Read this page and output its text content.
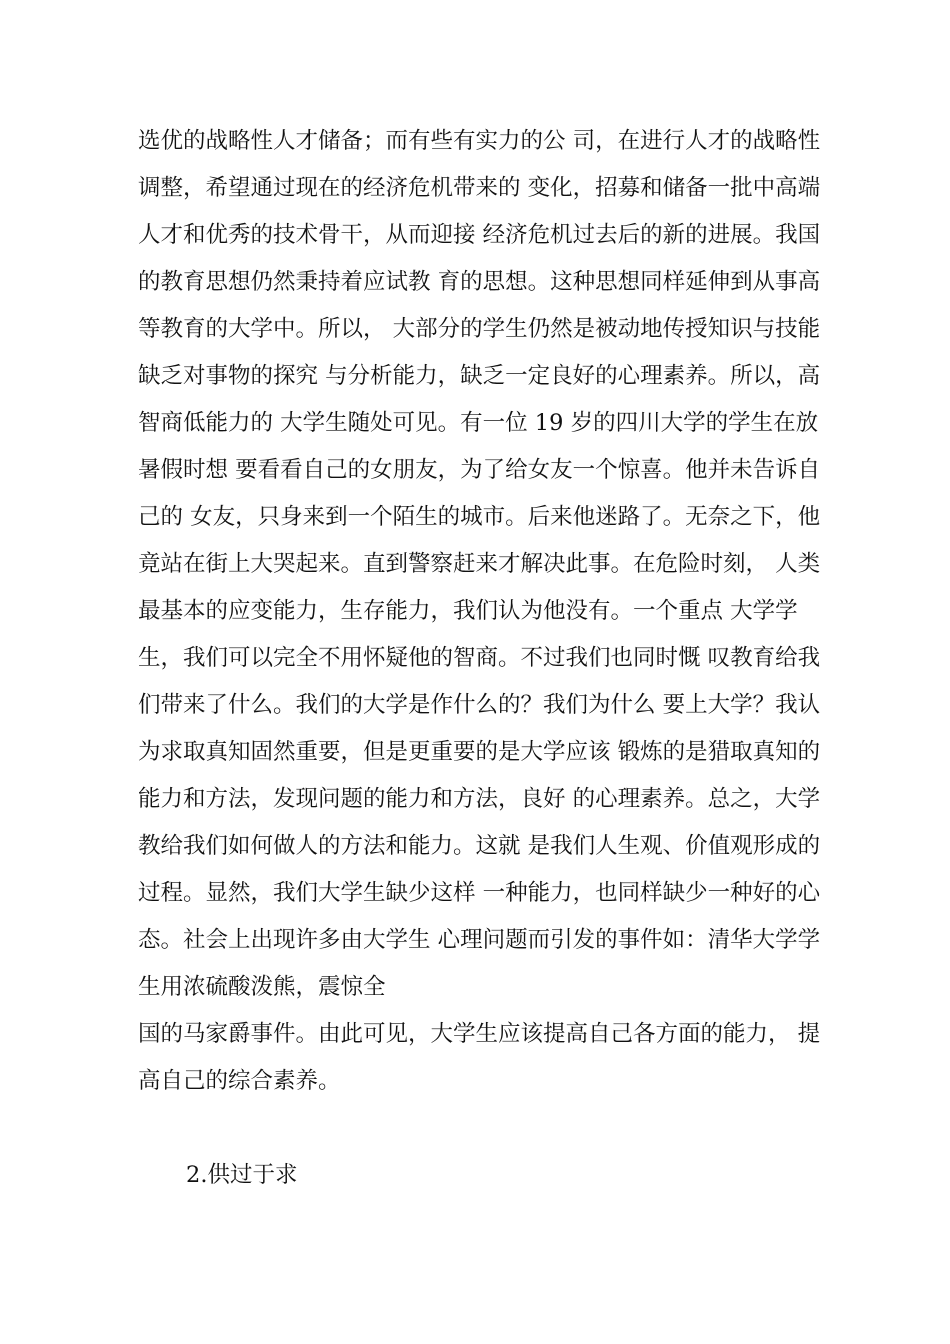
选优的战略性人才储备；而有些有实力的公 司，在进行人才的战略性
调整，希望通过现在的经济危机带来的 变化，招募和储备一批中高端
人才和优秀的技术骨干，从而迎接 经济危机过去后的新的进展。我国
的教育思想仍然秉持着应试教 育的思想。这种思想同样延伸到从事高
等教育的大学中。所以， 大部分的学生仍然是被动地传授知识与技能
缺乏对事物的探究 与分析能力，缺乏一定良好的心理素养。所以，高
智商低能力的 大学生随处可见。有一位 19 岁的四川大学的学生在放
暑假时想 要看看自己的女朋友，为了给女友一个惊喜。他并未告诉自
己的 女友，只身来到一个陌生的城市。后来他迷路了。无奈之下，他
竟站在街上大哭起来。直到警察赶来才解决此事。在危险时刻， 人类
最基本的应变能力，生存能力，我们认为他没有。一个重点 大学学
生，我们可以完全不用怀疑他的智商。不过我们也同时慨 叹教育给我
们带来了什么。我们的大学是作什么的？我们为什么 要上大学？我认
为求取真知固然重要，但是更重要的是大学应该 锻炼的是猎取真知的
能力和方法，发现问题的能力和方法，良好 的心理素养。总之，大学
教给我们如何做人的方法和能力。这就 是我们人生观、价值观形成的
过程。显然，我们大学生缺少这样 一种能力，也同样缺少一种好的心
态。社会上出现许多由大学生 心理问题而引发的事件如：清华大学学
生用浓硫酸泼熊，震惊全
国的马家爵事件。由此可见，大学生应该提高自己各方面的能力， 提
高自己的综合素养。
2.供过于求
